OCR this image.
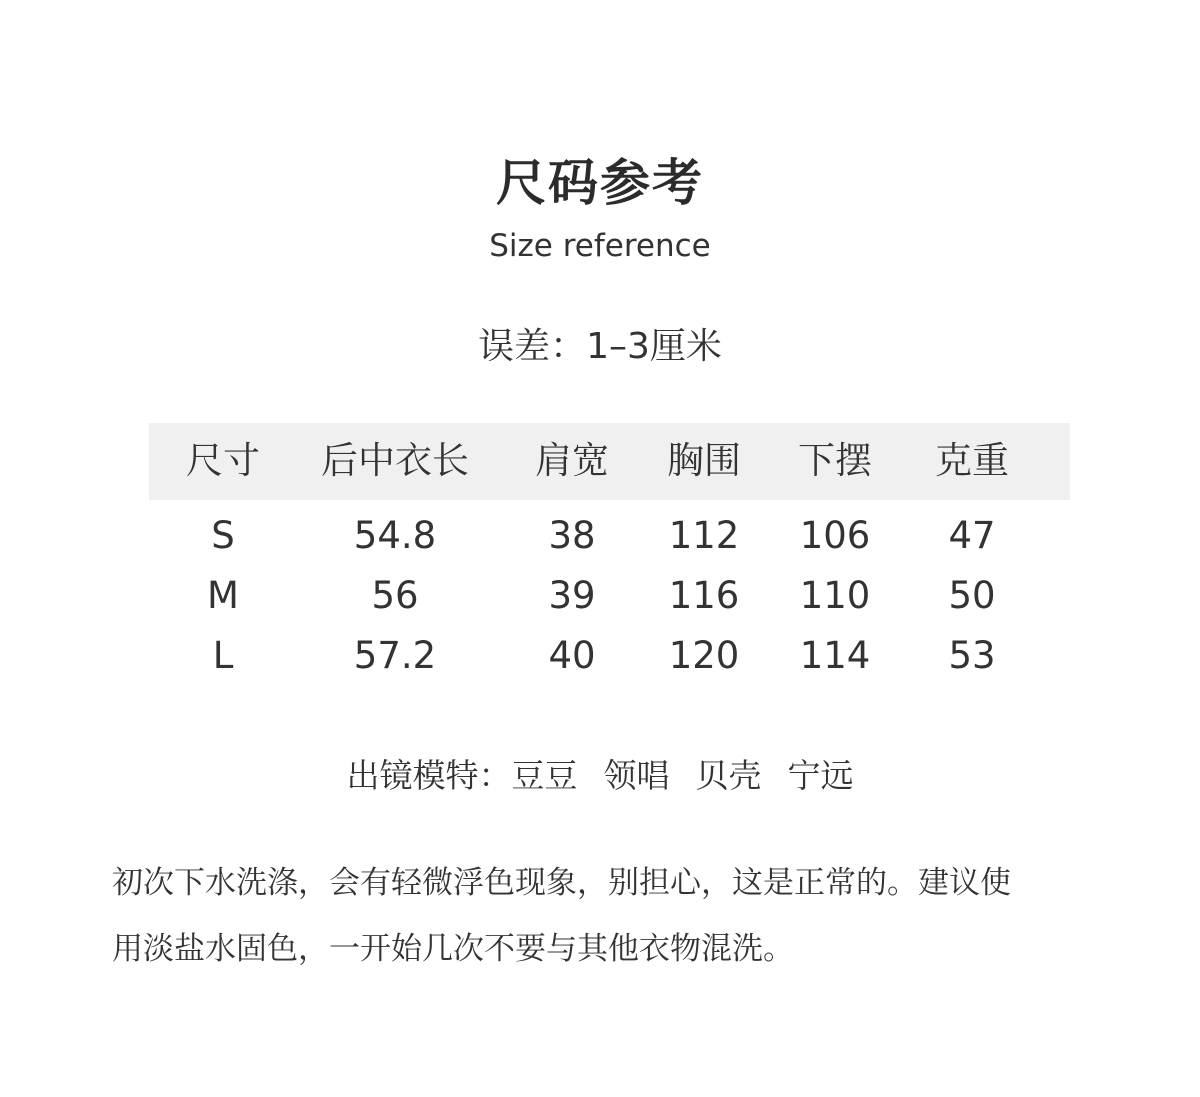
尺码参考
Size reference
误差：1–3厘米
尺寸	后中衣长	肩宽	胸围	下摆	克重
S	54.8	38	112	106	47
M	56	39	116	110	50
L	57.2	40	120	114	53
出镜模特：豆豆 领唱 贝壳 宁远
初次下水洗涤，会有轻微浮色现象，别担心，这是正常的。建议使
用淡盐水固色，一开始几次不要与其他衣物混洗。
